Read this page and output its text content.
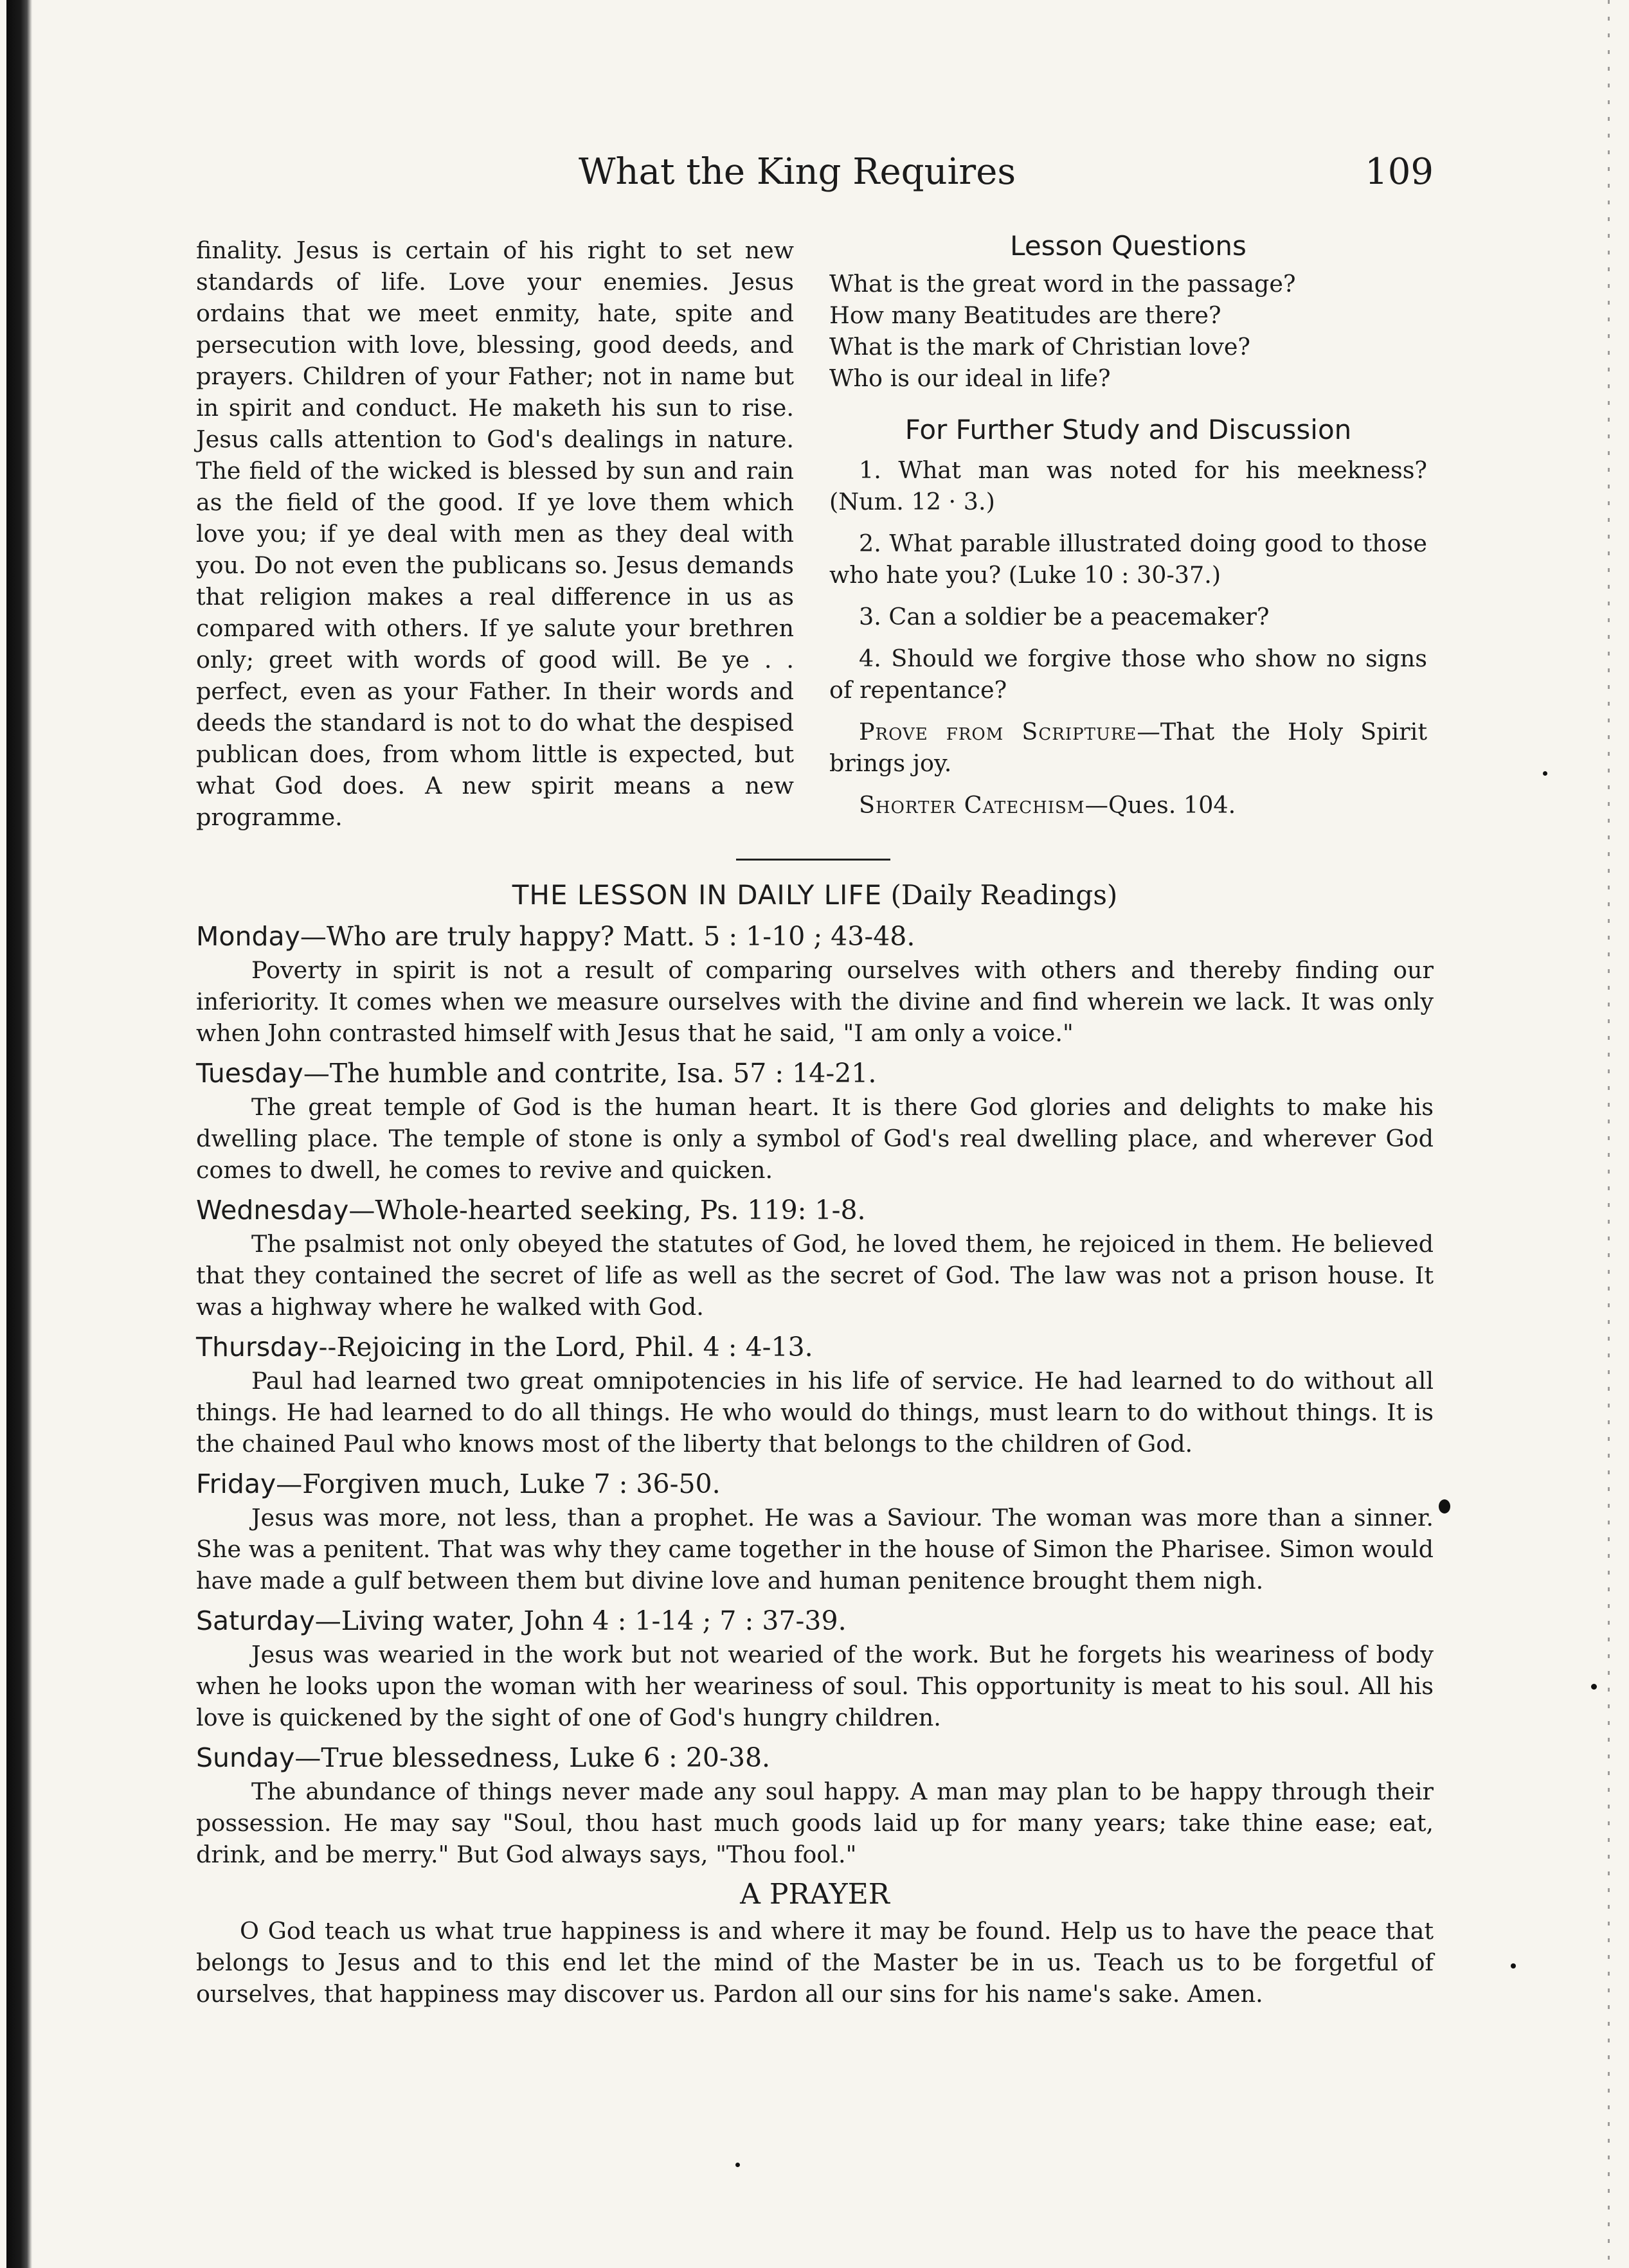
What the King Requires	109

finality. Jesus is certain of his right to set new standards of life. Love your enemies. Jesus ordains that we meet enmity, hate, spite and persecution with love, blessing, good deeds, and prayers. Children of your Father; not in name but in spirit and conduct. He maketh his sun to rise. Jesus calls attention to God's dealings in nature. The field of the wicked is blessed by sun and rain as the field of the good. If ye love them which love you; if ye deal with men as they deal with you. Do not even the publicans so. Jesus demands that religion makes a real difference in us as compared with others. If ye salute your brethren only; greet with words of good will. Be ye . . perfect, even as your Father. In their words and deeds the standard is not to do what the despised publican does, from whom little is expected, but what God does. A new spirit means a new programme.

Lesson Questions
What is the great word in the passage?
How many Beatitudes are there?
What is the mark of Christian love?
Who is our ideal in life?
For Further Study and Discussion

1. What man was noted for his meekness? (Num. 12 · 3.)

2. What parable illustrated doing good to those who hate you? (Luke 10 : 30-37.)

3. Can a soldier be a peacemaker?

4. Should we forgive those who show no signs of repentance?

Prove from Scripture—That the Holy Spirit brings joy.

Shorter Catechism—Ques. 104.

THE LESSON IN DAILY LIFE (Daily Readings)

Monday—Who are truly happy? Matt. 5 : 1-10 ; 43-48.

Poverty in spirit is not a result of comparing ourselves with others and thereby finding our inferiority. It comes when we measure ourselves with the divine and find wherein we lack. It was only when John contrasted himself with Jesus that he said, "I am only a voice."

Tuesday—The humble and contrite, Isa. 57 : 14-21.

The great temple of God is the human heart. It is there God glories and delights to make his dwelling place. The temple of stone is only a symbol of God's real dwelling place, and wherever God comes to dwell, he comes to revive and quicken.

Wednesday—Whole-hearted seeking, Ps. 119: 1-8.

The psalmist not only obeyed the statutes of God, he loved them, he rejoiced in them. He believed that they contained the secret of life as well as the secret of God. The law was not a prison house. It was a highway where he walked with God.

Thursday--Rejoicing in the Lord, Phil. 4 : 4-13.

Paul had learned two great omnipotencies in his life of service. He had learned to do without all things. He had learned to do all things. He who would do things, must learn to do without things. It is the chained Paul who knows most of the liberty that belongs to the children of God.

Friday—Forgiven much, Luke 7 : 36-50.

Jesus was more, not less, than a prophet. He was a Saviour. The woman was more than a sinner. She was a penitent. That was why they came together in the house of Simon the Pharisee. Simon would have made a gulf between them but divine love and human penitence brought them nigh.

Saturday—Living water, John 4 : 1-14 ; 7 : 37-39.

Jesus was wearied in the work but not wearied of the work. But he forgets his weariness of body when he looks upon the woman with her weariness of soul. This opportunity is meat to his soul. All his love is quickened by the sight of one of God's hungry children.

Sunday—True blessedness, Luke 6 : 20-38.

The abundance of things never made any soul happy. A man may plan to be happy through their possession. He may say "Soul, thou hast much goods laid up for many years; take thine ease; eat, drink, and be merry." But God always says, "Thou fool."

A PRAYER

O God teach us what true happiness is and where it may be found. Help us to have the peace that belongs to Jesus and to this end let the mind of the Master be in us. Teach us to be forgetful of ourselves, that happiness may discover us. Pardon all our sins for his name's sake. Amen.
